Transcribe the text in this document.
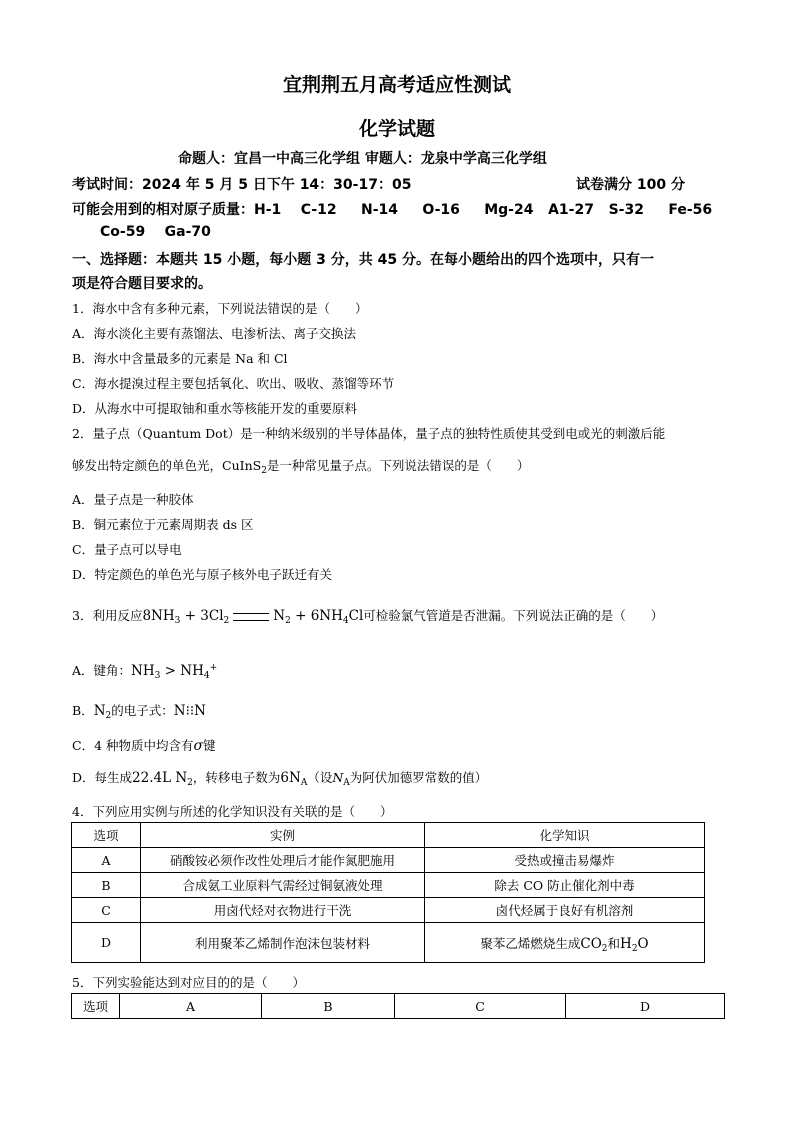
宜荆荆五月高考适应性测试
化学试题
命题人：宜昌一中高三化学组 审题人：龙泉中学高三化学组
考试时间：2024 年 5 月 5 日下午 14：30-17：05	试卷满分 100 分
可能会用到的相对原子质量：H-1    C-12     N-14     O-16     Mg-24   A1-27   S-32     Fe-56
Co-59    Ga-70
一、选择题：本题共 15 小题，每小题 3 分，共 45 分。在每小题给出的四个选项中，只有一
项是符合题目要求的。
1．海水中含有多种元素，下列说法错误的是（　　）
A．海水淡化主要有蒸馏法、电渗析法、离子交换法
B．海水中含量最多的元素是 Na 和 Cl
C．海水提溴过程主要包括氧化、吹出、吸收、蒸馏等环节
D．从海水中可提取铀和重水等核能开发的重要原料
2．量子点（Quantum Dot）是一种纳米级别的半导体晶体，量子点的独特性质使其受到电或光的刺激后能
够发出特定颜色的单色光，CuInS$_2$是一种常见量子点。下列说法错误的是（　　）
A．量子点是一种胶体
B．铜元素位于元素周期表 ds 区
C．量子点可以导电
D．特定颜色的单色光与原子核外电子跃迁有关
3．利用反应$8NH_3 + 3Cl_2$	$N_2 + 6NH_4Cl$可检验氯气管道是否泄漏。下列说法正确的是（　　）
A．键角：$NH_3 > NH_4^+$
B．$N_2$的电子式：N⁝⁝N
C．4 种物质中均含有σ键
D．每生成22.4L $N_2$，转移电子数为$6N_A$（设$N_A$为阿伏加德罗常数的值）
4．下列应用实例与所述的化学知识没有关联的是（　　）
选项	实例	化学知识
A	硝酸铵必须作改性处理后才能作氮肥施用	受热或撞击易爆炸
B	合成氨工业原料气需经过铜氨液处理	除去 CO 防止催化剂中毒
C	用卤代烃对衣物进行干洗	卤代烃属于良好有机溶剂
D	利用聚苯乙烯制作泡沫包装材料	聚苯乙烯燃烧生成$CO_2$和$H_2O$
5．下列实验能达到对应目的的是（　　）
选项	A	B	C	D
